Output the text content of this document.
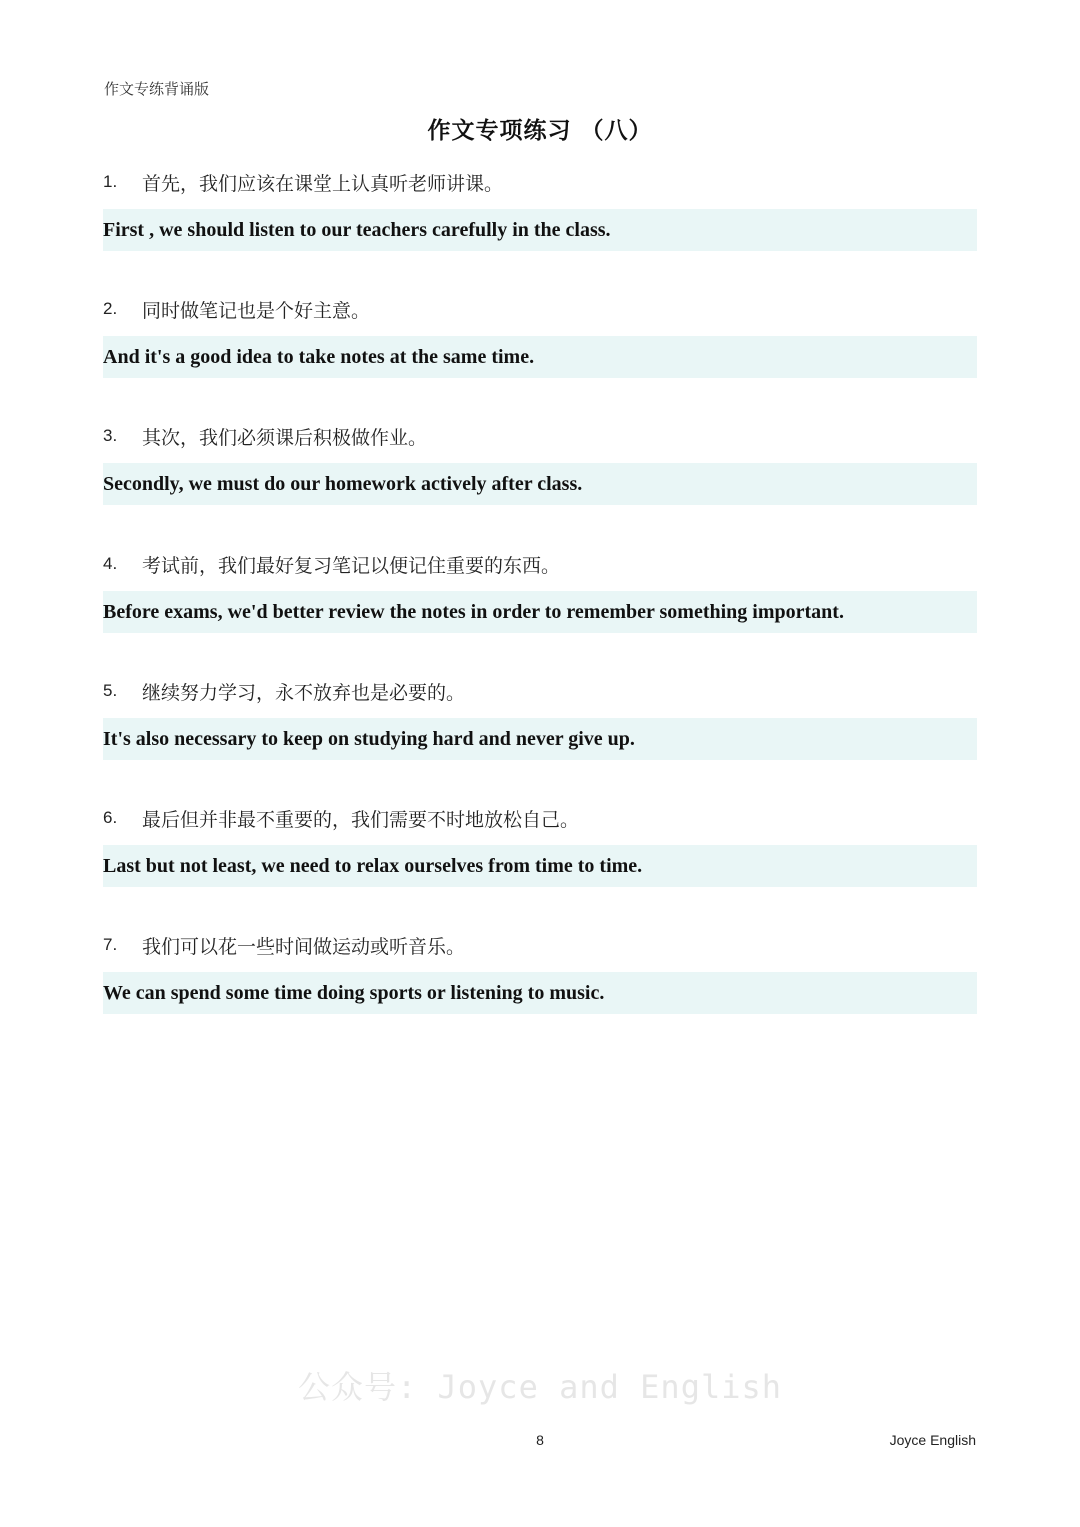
作文专练背诵版
作文专项练习 （八）
1.	首先，我们应该在课堂上认真听老师讲课。
First , we should listen to our teachers carefully in the class.
2.	同时做笔记也是个好主意。
And it's a good idea to take notes at the same time.
3.	其次，我们必须课后积极做作业。
Secondly, we must do our homework actively after class.
4.	考试前，我们最好复习笔记以便记住重要的东西。
Before exams, we'd better review the notes in order to remember something important.
5.	继续努力学习，永不放弃也是必要的。
It's also necessary to keep on studying hard and never give up.
6.	最后但并非最不重要的，我们需要不时地放松自己。
Last but not least, we need to relax ourselves from time to time.
7.	我们可以花一些时间做运动或听音乐。
We can spend some time doing sports or listening to music.
公众号: Joyce and English
8	Joyce English
